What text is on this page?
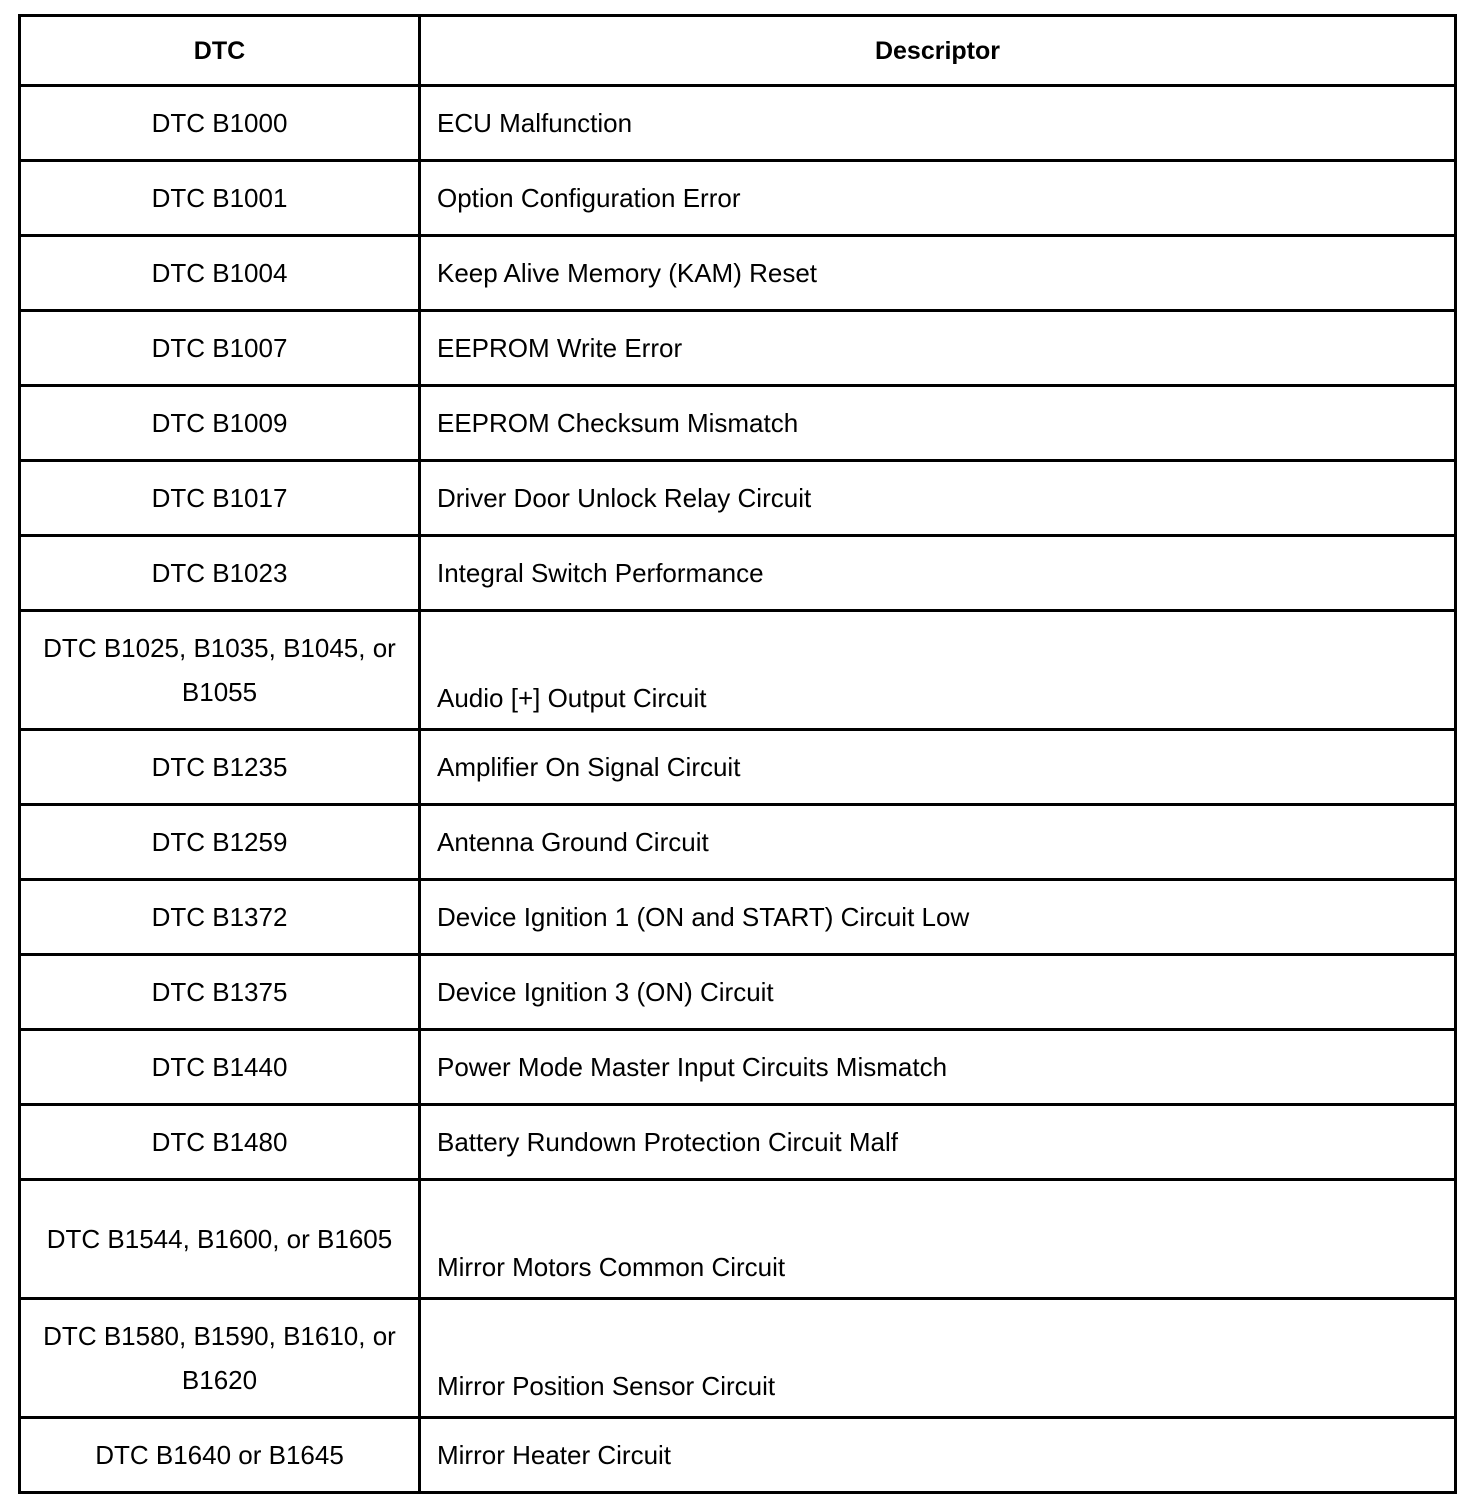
DTC	Descriptor
DTC B1000	ECU Malfunction
DTC B1001	Option Configuration Error
DTC B1004	Keep Alive Memory (KAM) Reset
DTC B1007	EEPROM Write Error
DTC B1009	EEPROM Checksum Mismatch
DTC B1017	Driver Door Unlock Relay Circuit
DTC B1023	Integral Switch Performance
DTC B1025, B1035, B1045, or B1055	Audio [+] Output Circuit
DTC B1235	Amplifier On Signal Circuit
DTC B1259	Antenna Ground Circuit
DTC B1372	Device Ignition 1 (ON and START) Circuit Low
DTC B1375	Device Ignition 3 (ON) Circuit
DTC B1440	Power Mode Master Input Circuits Mismatch
DTC B1480	Battery Rundown Protection Circuit Malf
DTC B1544, B1600, or B1605	Mirror Motors Common Circuit
DTC B1580, B1590, B1610, or B1620	Mirror Position Sensor Circuit
DTC B1640 or B1645	Mirror Heater Circuit
